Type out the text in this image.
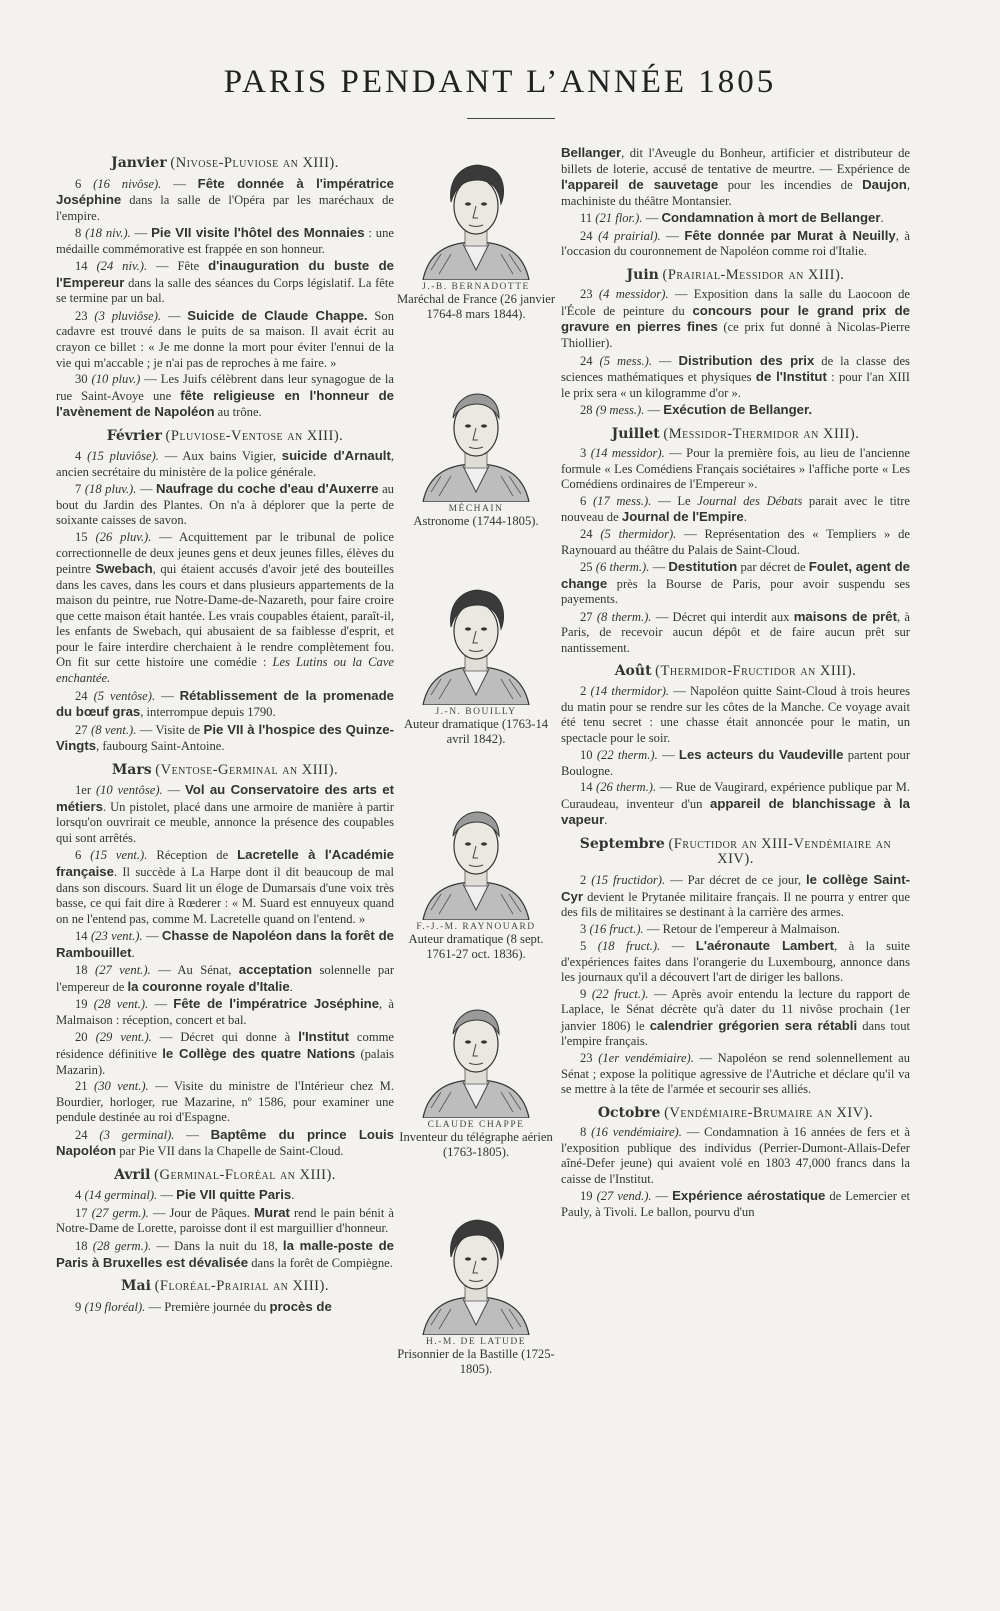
PARIS PENDANT L’ANNÉE 1805

Janvier (Nivose-Pluviose an XIII).

6 (16 nivôse). — Fête donnée à l'impératrice Joséphine dans la salle de l'Opéra par les maréchaux de l'empire.

8 (18 niv.). — Pie VII visite l'hôtel des Monnaies : une médaille commémorative est frappée en son honneur.

14 (24 niv.). — Fête d'inauguration du buste de l'Empereur dans la salle des séances du Corps législatif. La fête se termine par un bal.

23 (3 pluviôse). — Suicide de Claude Chappe. Son cadavre est trouvé dans le puits de sa maison. Il avait écrit au crayon ce billet : « Je me donne la mort pour éviter l'ennui de la vie qui m'accable ; je n'ai pas de reproches à me faire. »

30 (10 pluv.) — Les Juifs célèbrent dans leur synagogue de la rue Saint-Avoye une fête religieuse en l'honneur de l'avènement de Napoléon au trône.

Février (Pluviose-Ventose an XIII).

4 (15 pluviôse). — Aux bains Vigier, suicide d'Arnault, ancien secrétaire du ministère de la police générale.

7 (18 pluv.). — Naufrage du coche d'eau d'Auxerre au bout du Jardin des Plantes. On n'a à déplorer que la perte de soixante caisses de savon.

15 (26 pluv.). — Acquittement par le tribunal de police correctionnelle de deux jeunes gens et deux jeunes filles, élèves du peintre Swebach, qui étaient accusés d'avoir jeté des bouteilles dans les caves, dans les cours et dans plusieurs appartements de la maison du peintre, rue Notre-Dame-de-Nazareth, pour faire croire que cette maison était hantée. Les vrais coupables étaient, paraît-il, les enfants de Swebach, qui abusaient de sa faiblesse d'esprit, et pour le faire interdire cherchaient à le rendre complètement fou. On fit sur cette histoire une comédie : Les Lutins ou la Cave enchantée.

24 (5 ventôse). — Rétablissement de la promenade du bœuf gras, interrompue depuis 1790.

27 (8 vent.). — Visite de Pie VII à l'hospice des Quinze-Vingts, faubourg Saint-Antoine.

Mars (Ventose-Germinal an XIII).

1er (10 ventôse). — Vol au Conservatoire des arts et métiers. Un pistolet, placé dans une armoire de manière à partir lorsqu'on ouvrirait ce meuble, annonce la présence des coupables qui sont arrêtés.

6 (15 vent.). Réception de Lacretelle à l'Académie française. Il succède à La Harpe dont il dit beaucoup de mal dans son discours. Suard lit un éloge de Dumarsais d'une voix très basse, ce qui fait dire à Rœderer : « M. Suard est ennuyeux quand on ne l'entend pas, comme M. Lacretelle quand on l'entend. »

14 (23 vent.). — Chasse de Napoléon dans la forêt de Rambouillet.

18 (27 vent.). — Au Sénat, acceptation solennelle par l'empereur de la couronne royale d'Italie.

19 (28 vent.). — Fête de l'impératrice Joséphine, à Malmaison : réception, concert et bal.

20 (29 vent.). — Décret qui donne à l'Institut comme résidence définitive le Collège des quatre Nations (palais Mazarin).

21 (30 vent.). — Visite du ministre de l'Intérieur chez M. Bourdier, horloger, rue Mazarine, nº 1586, pour examiner une pendule destinée au roi d'Espagne.

24 (3 germinal). — Baptême du prince Louis Napoléon par Pie VII dans la Chapelle de Saint-Cloud.

Avril (Germinal-Floréal an XIII).

4 (14 germinal). — Pie VII quitte Paris.

17 (27 germ.). — Jour de Pâques. Murat rend le pain bénit à Notre-Dame de Lorette, paroisse dont il est marguillier d'honneur.

18 (28 germ.). — Dans la nuit du 18, la malle-poste de Paris à Bruxelles est dévalisée dans la forêt de Compiègne.

Mai (Floréal-Prairial an XIII).

9 (19 floréal). — Première journée du procès de

J.-B. BERNADOTTE
Maréchal de France (26 janvier 1764-8 mars 1844).
MÉCHAIN
Astronome (1744-1805).
J.-N. BOUILLY
Auteur dramatique (1763-14 avril 1842).
F.-J.-M. RAYNOUARD
Auteur dramatique (8 sept. 1761-27 oct. 1836).
CLAUDE CHAPPE
Inventeur du télégraphe aérien (1763-1805).
H.-M. DE LATUDE
Prisonnier de la Bastille (1725-1805).

Bellanger, dit l'Aveugle du Bonheur, artificier et distributeur de billets de loterie, accusé de tentative de meurtre. — Expérience de l'appareil de sauvetage pour les incendies de Daujon, machiniste du théâtre Montansier.

11 (21 flor.). — Condamnation à mort de Bellanger.

24 (4 prairial). — Fête donnée par Murat à Neuilly, à l'occasion du couronnement de Napoléon comme roi d'Italie.

Juin (Prairial-Messidor an XIII).

23 (4 messidor). — Exposition dans la salle du Laocoon de l'École de peinture du concours pour le grand prix de gravure en pierres fines (ce prix fut donné à Nicolas-Pierre Thiollier).

24 (5 mess.). — Distribution des prix de la classe des sciences mathématiques et physiques de l'Institut : pour l'an XIII le prix sera « un kilogramme d'or ».

28 (9 mess.). — Exécution de Bellanger.

Juillet (Messidor-Thermidor an XIII).

3 (14 messidor). — Pour la première fois, au lieu de l'ancienne formule « Les Comédiens Français sociétaires » l'affiche porte « Les Comédiens ordinaires de l'Empereur ».

6 (17 mess.). — Le Journal des Débats parait avec le titre nouveau de Journal de l'Empire.

24 (5 thermidor). — Représentation des « Templiers » de Raynouard au théâtre du Palais de Saint-Cloud.

25 (6 therm.). — Destitution par décret de Foulet, agent de change près la Bourse de Paris, pour avoir suspendu ses payements.

27 (8 therm.). — Décret qui interdit aux maisons de prêt, à Paris, de recevoir aucun dépôt et de faire aucun prêt sur nantissement.

Août (Thermidor-Fructidor an XIII).

2 (14 thermidor). — Napoléon quitte Saint-Cloud à trois heures du matin pour se rendre sur les côtes de la Manche. Ce voyage avait été tenu secret : une chasse était annoncée pour le matin, un spectacle pour le soir.

10 (22 therm.). — Les acteurs du Vaudeville partent pour Boulogne.

14 (26 therm.). — Rue de Vaugirard, expérience publique par M. Curaudeau, inventeur d'un appareil de blanchissage à la vapeur.

Septembre (Fructidor an XIII-Vendémiaire an XIV).

2 (15 fructidor). — Par décret de ce jour, le collège Saint-Cyr devient le Prytanée militaire français. Il ne pourra y entrer que des fils de militaires se destinant à la carrière des armes.

3 (16 fruct.). — Retour de l'empereur à Malmaison.

5 (18 fruct.). — L'aéronaute Lambert, à la suite d'expériences faites dans l'orangerie du Luxembourg, annonce dans les journaux qu'il a découvert l'art de diriger les ballons.

9 (22 fruct.). — Après avoir entendu la lecture du rapport de Laplace, le Sénat décrète qu'à dater du 11 nivôse prochain (1er janvier 1806) le calendrier grégorien sera rétabli dans tout l'empire français.

23 (1er vendémiaire). — Napoléon se rend solennellement au Sénat ; expose la politique agressive de l'Autriche et déclare qu'il va se mettre à la tête de l'armée et secourir ses alliés.

Octobre (Vendémiaire-Brumaire an XIV).

8 (16 vendémiaire). — Condamnation à 16 années de fers et à l'exposition publique des individus (Perrier-Dumont-Allais-Defer aîné-Defer jeune) qui avaient volé en 1803 47,000 francs dans la caisse de l'Institut.

19 (27 vend.). — Expérience aérostatique de Lemercier et Pauly, à Tivoli. Le ballon, pourvu d'un
